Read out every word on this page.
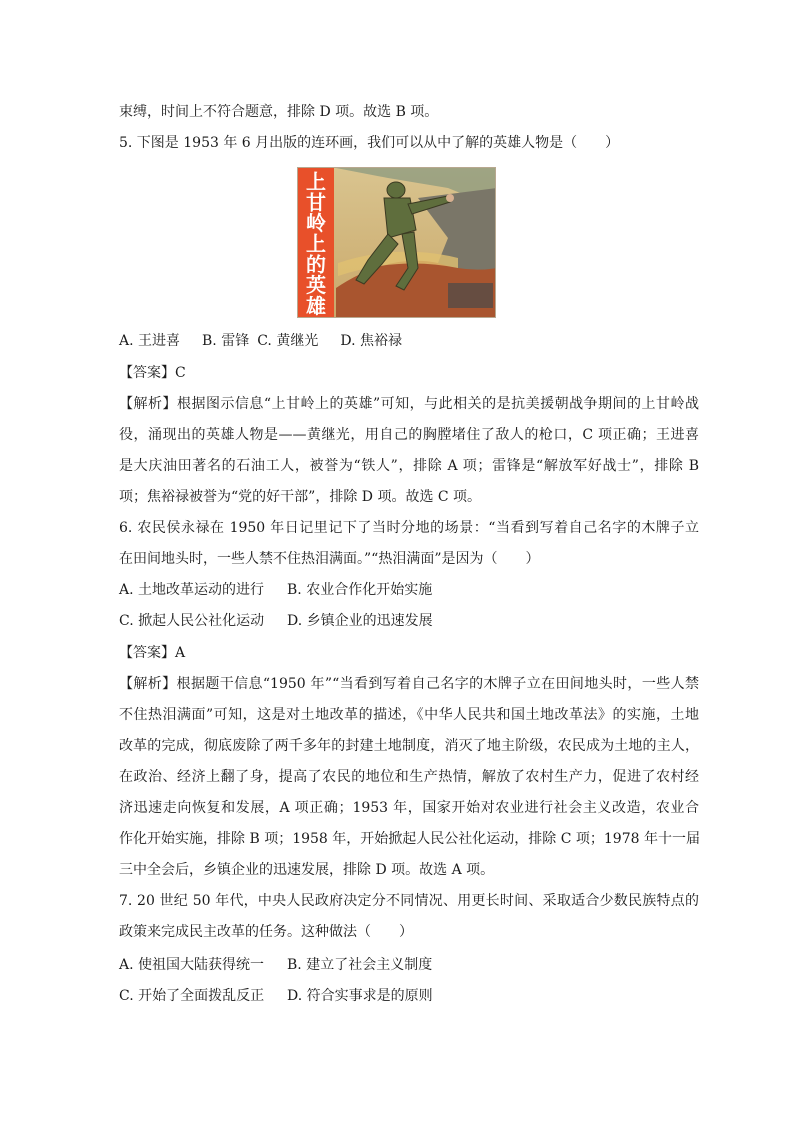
束缚，时间上不符合题意，排除 D 项。故选 B 项。
5. 下图是 1953 年 6 月出版的连环画，我们可以从中了解的英雄人物是（　　）
上
甘
岭
上
的
英
雄
A. 王进喜 B. 雷锋 C. 黄继光 D. 焦裕禄
【答案】C
【解析】根据图示信息“上甘岭上的英雄”可知，与此相关的是抗美援朝战争期间的上甘岭战
役，涌现出的英雄人物是——黄继光，用自己的胸膛堵住了敌人的枪口，C 项正确；王进喜
是大庆油田著名的石油工人，被誉为“铁人”，排除 A 项；雷锋是“解放军好战士”，排除 B
项；焦裕禄被誉为“党的好干部”，排除 D 项。故选 C 项。
6. 农民侯永禄在 1950 年日记里记下了当时分地的场景：“当看到写着自己名字的木牌子立
在田间地头时，一些人禁不住热泪满面。”“热泪满面”是因为（　　）
A. 土地改革运动的进行 B. 农业合作化开始实施
C. 掀起人民公社化运动 D. 乡镇企业的迅速发展
【答案】A
【解析】根据题干信息“1950 年”“当看到写着自己名字的木牌子立在田间地头时，一些人禁
不住热泪满面”可知，这是对土地改革的描述，《中华人民共和国土地改革法》的实施，土地
改革的完成，彻底废除了两千多年的封建土地制度，消灭了地主阶级，农民成为土地的主人，
在政治、经济上翻了身，提高了农民的地位和生产热情，解放了农村生产力，促进了农村经
济迅速走向恢复和发展，A 项正确；1953 年，国家开始对农业进行社会主义改造，农业合
作化开始实施，排除 B 项；1958 年，开始掀起人民公社化运动，排除 C 项；1978 年十一届
三中全会后，乡镇企业的迅速发展，排除 D 项。故选 A 项。
7. 20 世纪 50 年代，中央人民政府决定分不同情况、用更长时间、采取适合少数民族特点的
政策来完成民主改革的任务。这种做法（　　）
A. 使祖国大陆获得统一 B. 建立了社会主义制度
C. 开始了全面拨乱反正 D. 符合实事求是的原则
